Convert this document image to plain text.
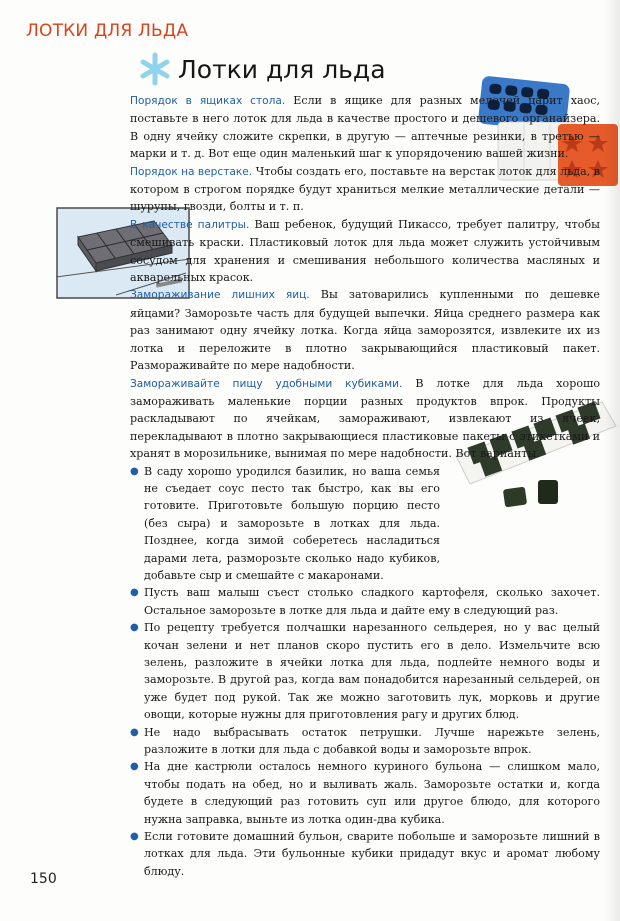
ЛОТКИ ДЛЯ ЛЬДА
Лотки для льда

Порядок в ящиках стола. Если в ящике для разных мелочей царит хаос, поставьте в него лоток для льда в качестве простого и дешевого органайзера. В одну ячейку сложите скрепки, в другую — аптечные резинки, в третью — марки и т. д. Вот еще один маленький шаг к упорядочению вашей жизни.

Порядок на верстаке. Чтобы создать его, поставьте на верстак лоток для льда, в котором в строгом порядке будут храниться мелкие металлические детали — шурупы, гвозди, болты и т. п.

В качестве палитры. Ваш ребенок, будущий Пикассо, требует палитру, чтобы смешивать краски. Пластиковый лоток для льда может служить устойчивым сосудом для хранения и смешивания небольшого количества масляных и акварельных красок.

Замораживание лишних яиц. Вы затоварились купленными по дешевке яйцами? Заморозьте часть для будущей выпечки. Яйца среднего размера как раз занимают одну ячейку лотка. Когда яйца заморозятся, извлеките их из лотка и переложите в плотно закрывающийся пластиковый пакет. Размораживайте по мере надобности.

Замораживайте пищу удобными кубиками. В лотке для льда хорошо замораживать маленькие порции разных продуктов впрок. Продукты раскладывают по ячейкам, замораживают, извлекают из ячеек, перекладывают в плотно закрывающиеся пластиковые пакеты с этикетками и хранят в морозильнике, вынимая по мере надобности. Вот варианты.

● В саду хорошо уродился базилик, но ваша семья не съедает соус песто так быстро, как вы его готовите. Приготовьте большую порцию песто (без сыра) и заморозьте в лотках для льда. Позднее, когда зимой соберетесь насладиться дарами лета, разморозьте сколько надо кубиков, добавьте сыр и смешайте с макаронами.

● Пусть ваш малыш съест столько сладкого картофеля, сколько захочет. Остальное заморозьте в лотке для льда и дайте ему в следующий раз.

● По рецепту требуется полчашки нарезанного сельдерея, но у вас целый кочан зелени и нет планов скоро пустить его в дело. Измельчите всю зелень, разложите в ячейки лотка для льда, подлейте немного воды и заморозьте. В другой раз, когда вам понадобится нарезанный сельдерей, он уже будет под рукой. Так же можно заготовить лук, морковь и другие овощи, которые нужны для приготовления рагу и других блюд.

● Не надо выбрасывать остаток петрушки. Лучше нарежьте зелень, разложите в лотки для льда с добавкой воды и заморозьте впрок.

● На дне кастрюли осталось немного куриного бульона — слишком мало, чтобы подать на обед, но и выливать жаль. Заморозьте остатки и, когда будете в следующий раз готовить суп или другое блюдо, для которого нужна заправка, выньте из лотка один-два кубика.

● Если готовите домашний бульон, сварите побольше и заморозьте лишний в лотках для льда. Эти бульонные кубики придадут вкус и аромат любому блюду.

150
